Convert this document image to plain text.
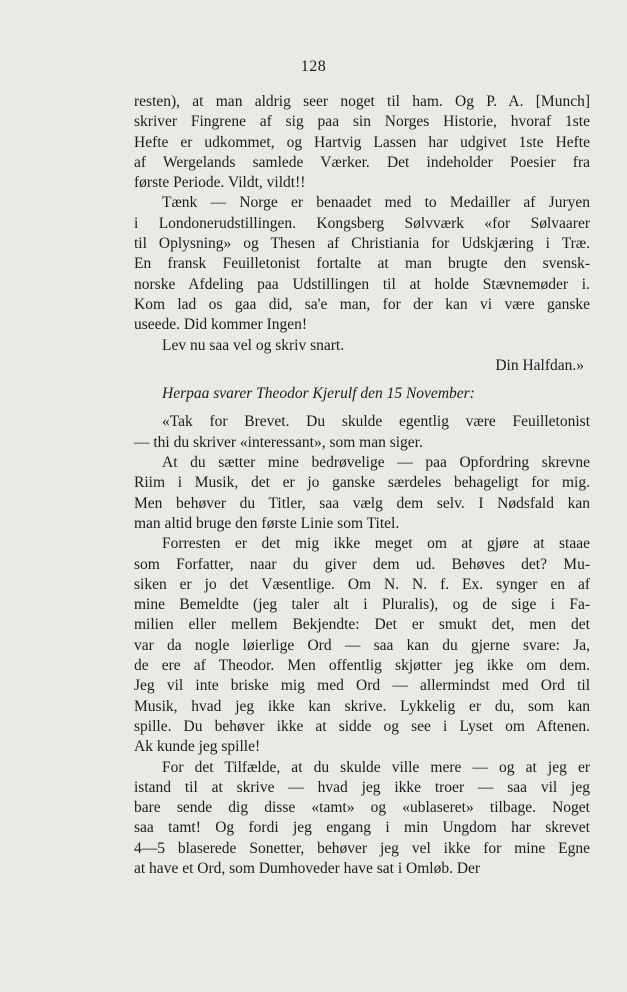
128
resten), at man aldrig seer noget til ham. Og P. A. [Munch]
skriver Fingrene af sig paa sin Norges Historie, hvoraf 1ste
Hefte er udkommet, og Hartvig Lassen har udgivet 1ste Hefte
af Wergelands samlede Værker. Det indeholder Poesier fra
første Periode. Vildt, vildt!!
Tænk — Norge er benaadet med to Medailler af Juryen
i Londonerudstillingen. Kongsberg Sølvværk «for Sølvaarer
til Oplysning» og Thesen af Christiania for Udskjæring i Træ.
En fransk Feuilletonist fortalte at man brugte den svensk-
norske Afdeling paa Udstillingen til at holde Stævnemøder i.
Kom lad os gaa did, sa'e man, for der kan vi være ganske
useede. Did kommer Ingen!
Lev nu saa vel og skriv snart.
Din Halfdan.»
Herpaa svarer Theodor Kjerulf den 15 November:
«Tak for Brevet. Du skulde egentlig være Feuilletonist
— thi du skriver «interessant», som man siger.
At du sætter mine bedrøvelige — paa Opfordring skrevne
Riim i Musik, det er jo ganske særdeles behageligt for mig.
Men behøver du Titler, saa vælg dem selv. I Nødsfald kan
man altid bruge den første Linie som Titel.
Forresten er det mig ikke meget om at gjøre at staae
som Forfatter, naar du giver dem ud. Behøves det? Mu-
siken er jo det Væsentlige. Om N. N. f. Ex. synger en af
mine Bemeldte (jeg taler alt i Pluralis), og de sige i Fa-
milien eller mellem Bekjendte: Det er smukt det, men det
var da nogle løierlige Ord — saa kan du gjerne svare: Ja,
de ere af Theodor. Men offentlig skjøtter jeg ikke om dem.
Jeg vil inte briske mig med Ord — allermindst med Ord til
Musik, hvad jeg ikke kan skrive. Lykkelig er du, som kan
spille. Du behøver ikke at sidde og see i Lyset om Aftenen.
Ak kunde jeg spille!
For det Tilfælde, at du skulde ville mere — og at jeg er
istand til at skrive — hvad jeg ikke troer — saa vil jeg
bare sende dig disse «tamt» og «ublaseret» tilbage. Noget
saa tamt! Og fordi jeg engang i min Ungdom har skrevet
4—5 blaserede Sonetter, behøver jeg vel ikke for mine Egne
at have et Ord, som Dumhoveder have sat i Omløb. Der
